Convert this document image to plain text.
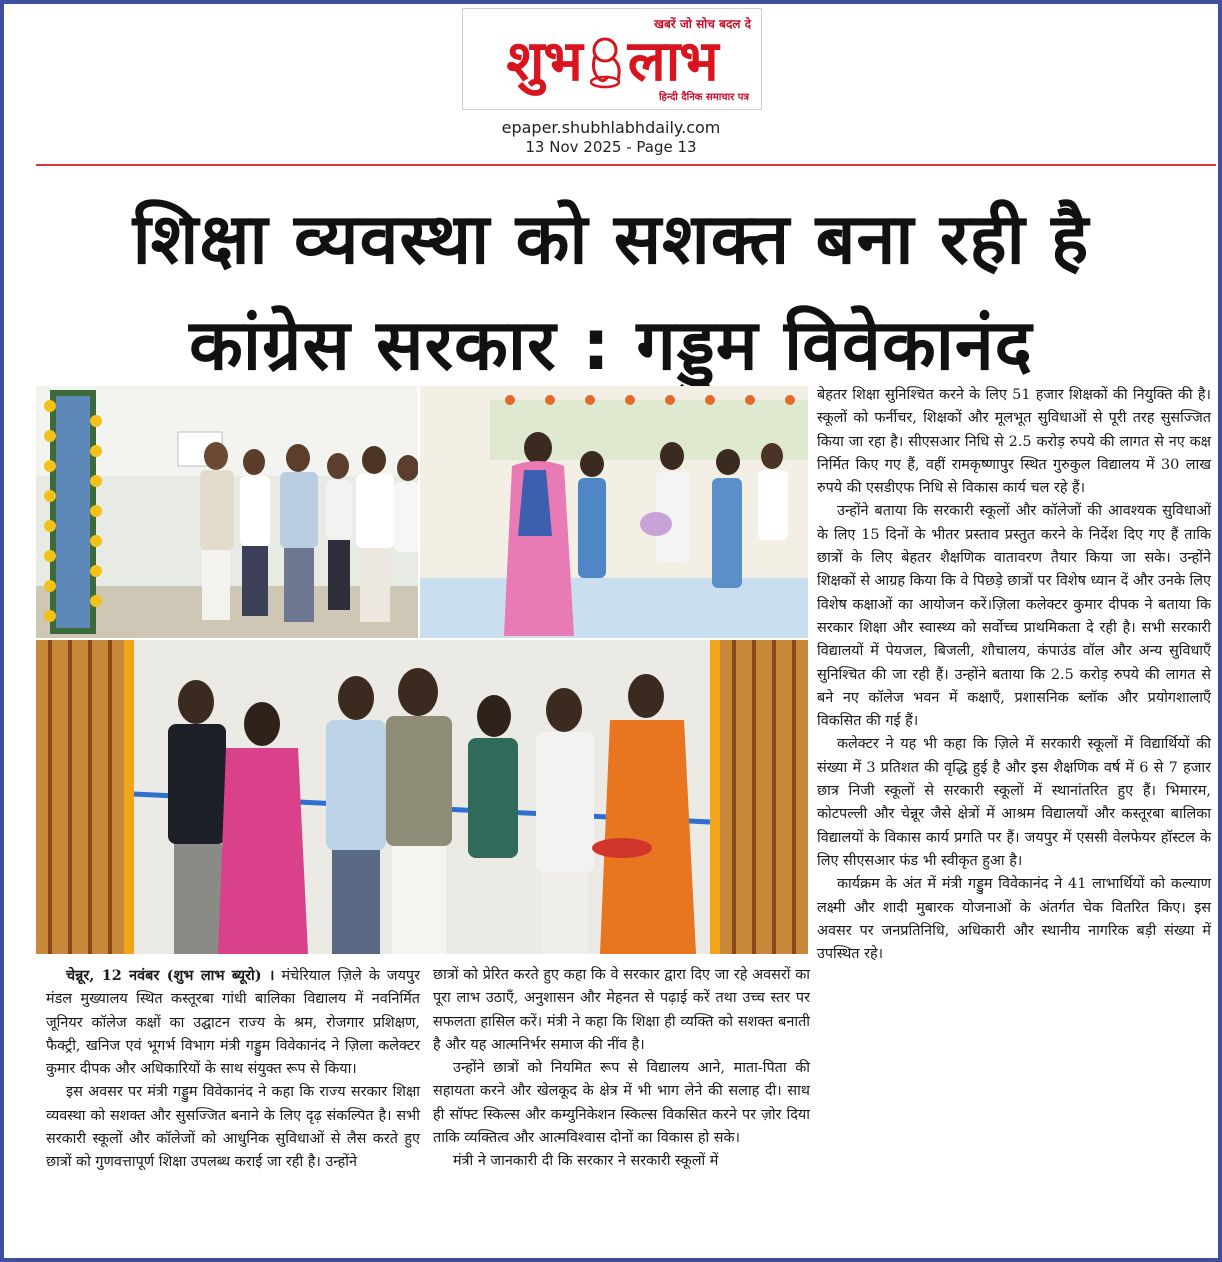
खबरें जो सोच बदल दे
शुभ लाभ
हिन्दी दैनिक समाचार पत्र
epaper.shubhlabhdaily.com
13 Nov 2025 - Page 13
शिक्षा व्यवस्था को सशक्त बना रही है
कांग्रेस सरकार : गड्डुम विवेकानंद

चेन्नूर, 12 नवंबर (शुभ लाभ ब्यूरो) । मंचेरियाल ज़िले के जयपुर मंडल मुख्यालय स्थित कस्तूरबा गांधी बालिका विद्यालय में नवनिर्मित जूनियर कॉलेज कक्षों का उद्घाटन राज्य के श्रम, रोजगार प्रशिक्षण, फैक्ट्री, खनिज एवं भूगर्भ विभाग मंत्री गड्डुम विवेकानंद ने ज़िला कलेक्टर कुमार दीपक और अधिकारियों के साथ संयुक्त रूप से किया।

इस अवसर पर मंत्री गड्डुम विवेकानंद ने कहा कि राज्य सरकार शिक्षा व्यवस्था को सशक्त और सुसज्जित बनाने के लिए दृढ़ संकल्पित है। सभी सरकारी स्कूलों और कॉलेजों को आधुनिक सुविधाओं से लैस करते हुए छात्रों को गुणवत्तापूर्ण शिक्षा उपलब्ध कराई जा रही है। उन्होंने

छात्रों को प्रेरित करते हुए कहा कि वे सरकार द्वारा दिए जा रहे अवसरों का पूरा लाभ उठाएँ, अनुशासन और मेहनत से पढ़ाई करें तथा उच्च स्तर पर सफलता हासिल करें। मंत्री ने कहा कि शिक्षा ही व्यक्ति को सशक्त बनाती है और यह आत्मनिर्भर समाज की नींव है।

उन्होंने छात्रों को नियमित रूप से विद्यालय आने, माता-पिता की सहायता करने और खेलकूद के क्षेत्र में भी भाग लेने की सलाह दी। साथ ही सॉफ्ट स्किल्स और कम्युनिकेशन स्किल्स विकसित करने पर ज़ोर दिया ताकि व्यक्तित्व और आत्मविश्वास दोनों का विकास हो सके।

मंत्री ने जानकारी दी कि सरकार ने सरकारी स्कूलों में

बेहतर शिक्षा सुनिश्चित करने के लिए 51 हजार शिक्षकों की नियुक्ति की है। स्कूलों को फर्नीचर, शिक्षकों और मूलभूत सुविधाओं से पूरी तरह सुसज्जित किया जा रहा है। सीएसआर निधि से 2.5 करोड़ रुपये की लागत से नए कक्ष निर्मित किए गए हैं, वहीं रामकृष्णापुर स्थित गुरुकुल विद्यालय में 30 लाख रुपये की एसडीएफ निधि से विकास कार्य चल रहे हैं।

उन्होंने बताया कि सरकारी स्कूलों और कॉलेजों की आवश्यक सुविधाओं के लिए 15 दिनों के भीतर प्रस्ताव प्रस्तुत करने के निर्देश दिए गए हैं ताकि छात्रों के लिए बेहतर शैक्षणिक वातावरण तैयार किया जा सके। उन्होंने शिक्षकों से आग्रह किया कि वे पिछड़े छात्रों पर विशेष ध्यान दें और उनके लिए विशेष कक्षाओं का आयोजन करें।ज़िला कलेक्टर कुमार दीपक ने बताया कि सरकार शिक्षा और स्वास्थ्य को सर्वोच्च प्राथमिकता दे रही है। सभी सरकारी विद्यालयों में पेयजल, बिजली, शौचालय, कंपाउंड वॉल और अन्य सुविधाएँ सुनिश्चित की जा रही हैं। उन्होंने बताया कि 2.5 करोड़ रुपये की लागत से बने नए कॉलेज भवन में कक्षाएँ, प्रशासनिक ब्लॉक और प्रयोगशालाएँ विकसित की गई हैं।

कलेक्टर ने यह भी कहा कि ज़िले में सरकारी स्कूलों में विद्यार्थियों की संख्या में 3 प्रतिशत की वृद्धि हुई है और इस शैक्षणिक वर्ष में 6 से 7 हजार छात्र निजी स्कूलों से सरकारी स्कूलों में स्थानांतरित हुए हैं। भिमारम, कोटपल्ली और चेन्नूर जैसे क्षेत्रों में आश्रम विद्यालयों और कस्तूरबा बालिका विद्यालयों के विकास कार्य प्रगति पर हैं। जयपुर में एससी वेलफेयर हॉस्टल के लिए सीएसआर फंड भी स्वीकृत हुआ है।

कार्यक्रम के अंत में मंत्री गड्डुम विवेकानंद ने 41 लाभार्थियों को कल्याण लक्ष्मी और शादी मुबारक योजनाओं के अंतर्गत चेक वितरित किए। इस अवसर पर जनप्रतिनिधि, अधिकारी और स्थानीय नागरिक बड़ी संख्या में उपस्थित रहे।
